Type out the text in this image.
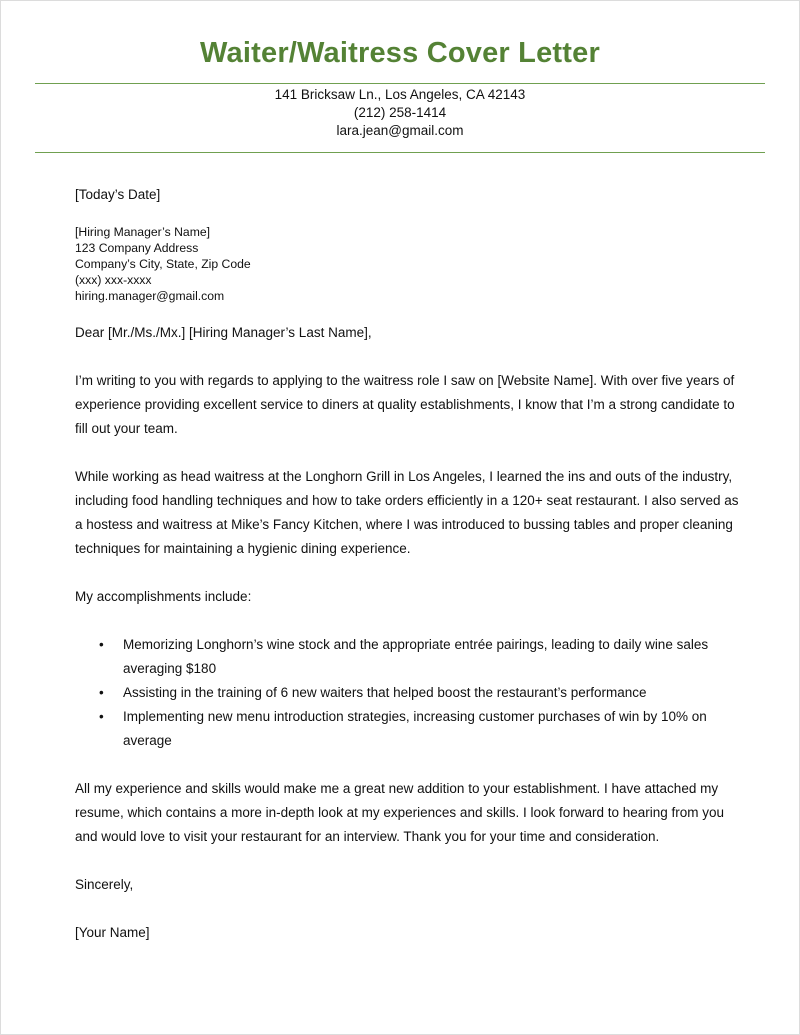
Waiter/Waitress Cover Letter
141 Bricksaw Ln., Los Angeles, CA 42143
(212) 258-1414
lara.jean@gmail.com
[Today’s Date]
[Hiring Manager’s Name]
123 Company Address
Company’s City, State, Zip Code
(xxx) xxx-xxxx
hiring.manager@gmail.com
Dear [Mr./Ms./Mx.] [Hiring Manager’s Last Name],

I’m writing to you with regards to applying to the waitress role I saw on [Website Name]. With over five years of experience providing excellent service to diners at quality establishments, I know that I’m a strong candidate to fill out your team.

While working as head waitress at the Longhorn Grill in Los Angeles, I learned the ins and outs of the industry, including food handling techniques and how to take orders efficiently in a 120+ seat restaurant. I also served as a hostess and waitress at Mike’s Fancy Kitchen, where I was introduced to bussing tables and proper cleaning techniques for maintaining a hygienic dining experience.

My accomplishments include:

• Memorizing Longhorn’s wine stock and the appropriate entrée pairings, leading to daily wine sales averaging $180
• Assisting in the training of 6 new waiters that helped boost the restaurant’s performance
• Implementing new menu introduction strategies, increasing customer purchases of win by 10% on average

All my experience and skills would make me a great new addition to your establishment. I have attached my resume, which contains a more in-depth look at my experiences and skills. I look forward to hearing from you and would love to visit your restaurant for an interview. Thank you for your time and consideration.

Sincerely,
[Your Name]
